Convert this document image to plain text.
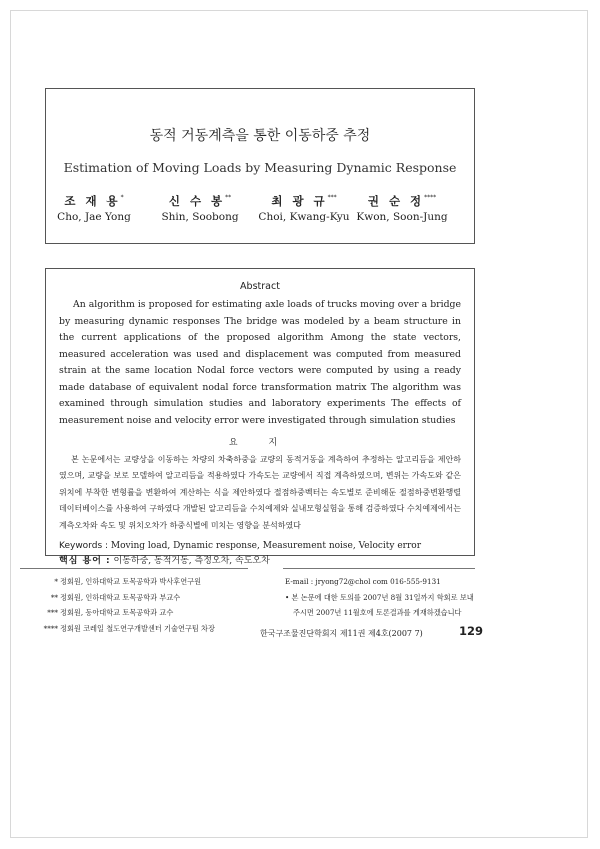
동적 거동계측을 통한 이동하중 추정
Estimation of Moving Loads by Measuring Dynamic Response
조 재 용*
Cho, Jae Yong
신 수 봉**
Shin, Soobong
최 광 규***
Choi, Kwang-Kyu
권 순 정****
Kwon, Soon-Jung
Abstract

An algorithm is proposed for estimating axle loads of trucks moving over a bridge by measuring dynamic responses The bridge was modeled by a beam structure in the current applications of the proposed algorithm Among the state vectors, measured acceleration was used and displacement was computed from measured strain at the same location Nodal force vectors were computed by using a ready made database of equivalent nodal force transformation matrix The algorithm was examined through simulation studies and laboratory experiments The effects of measurement noise and velocity error were investigated through simulation studies

요 지

본 논문에서는 교량상을 이동하는 차량의 차축하중을 교량의 동적거동을 계측하여 추정하는 알고리듬을 제안하였으며, 교량을 보로 모델하여 알고리듬을 적용하였다 가속도는 교량에서 직접 계측하였으며, 변위는 가속도와 같은 위치에 부착한 변형률을 변환하여 계산하는 식을 제안하였다 절점하중벡터는 속도별로 준비해둔 절점하중변환행렬 데이터베이스를 사용하여 구하였다 개발된 알고리듬을 수치예제와 실내모형실험을 통해 검증하였다 수치예제에서는 계측오차와 속도 및 위치오차가 하중식별에 미치는 영향을 분석하였다

Keywords : Moving load, Dynamic response, Measurement noise, Velocity error
핵심 용어 : 이동하중, 동적거동, 측정오차, 속도오차
* 정회원, 인하대학교 토목공학과 박사후연구원
** 정회원, 인하대학교 토목공학과 부교수
*** 정회원, 동아대학교 토목공학과 교수
**** 정회원 코레일 철도연구개발센터 기술연구팀 차장
E-mail : jryong72@chol com 016-555-9131
• 본 논문에 대한 토의를 2007년 8월 31일까지 학회로 보내
주시면 2007년 11월호에 토론결과를 게재하겠습니다
한국구조물진단학회지 제11권 제4호(2007 7)	129
